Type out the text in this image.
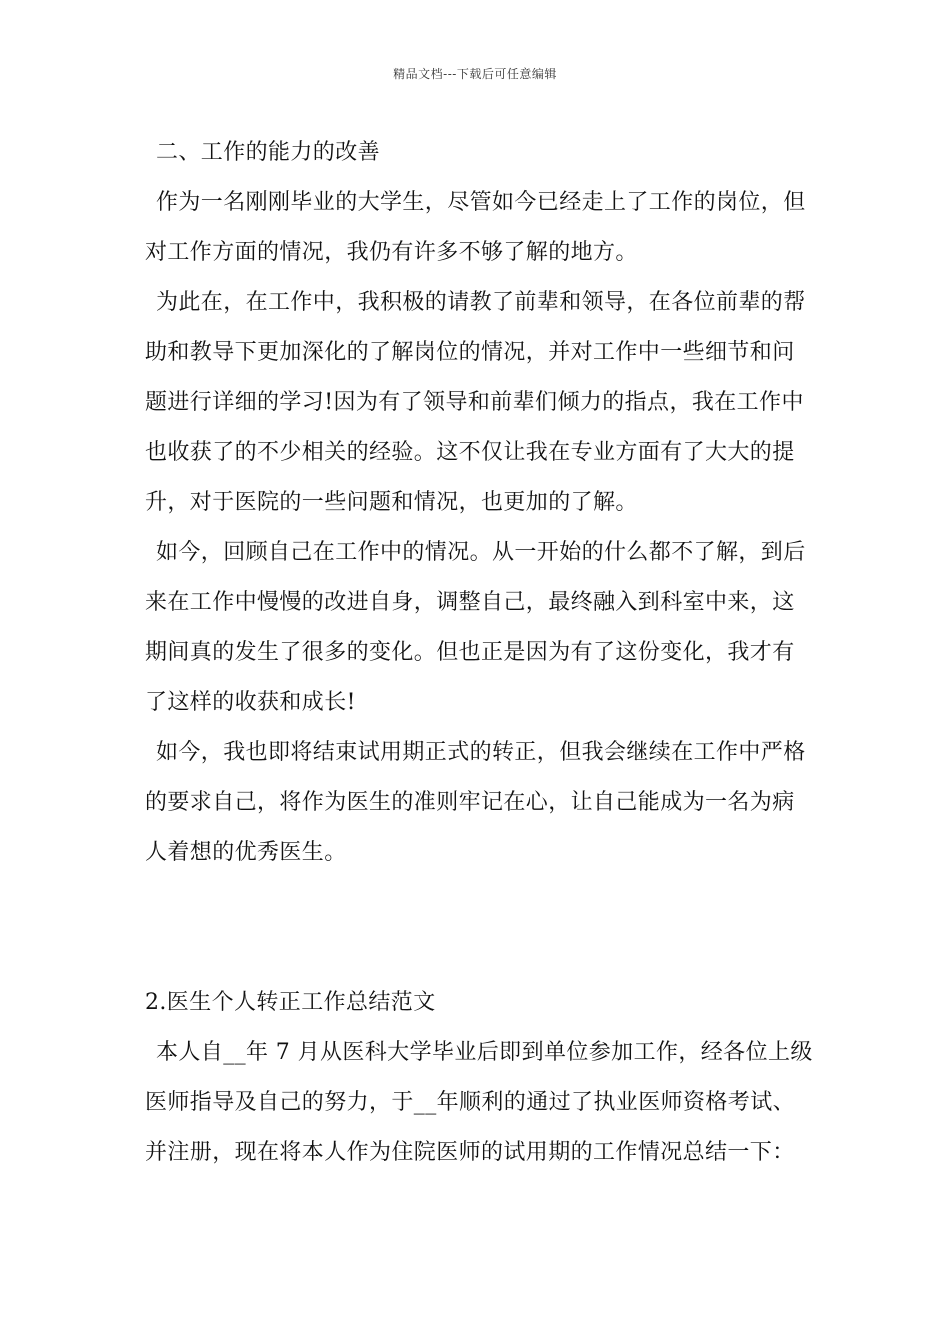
精品文档---下载后可任意编辑
二、工作的能力的改善
作为一名刚刚毕业的大学生，尽管如今已经走上了工作的岗位，但
对工作方面的情况，我仍有许多不够了解的地方。
为此在，在工作中，我积极的请教了前辈和领导，在各位前辈的帮
助和教导下更加深化的了解岗位的情况，并对工作中一些细节和问
题进行详细的学习!因为有了领导和前辈们倾力的指点，我在工作中
也收获了的不少相关的经验。这不仅让我在专业方面有了大大的提
升，对于医院的一些问题和情况，也更加的了解。
如今，回顾自己在工作中的情况。从一开始的什么都不了解，到后
来在工作中慢慢的改进自身，调整自己，最终融入到科室中来，这
期间真的发生了很多的变化。但也正是因为有了这份变化，我才有
了这样的收获和成长!
如今，我也即将结束试用期正式的转正，但我会继续在工作中严格
的要求自己，将作为医生的准则牢记在心，让自己能成为一名为病
人着想的优秀医生。
2.医生个人转正工作总结范文
本人自__年 7 月从医科大学毕业后即到单位参加工作，经各位上级
医师指导及自己的努力，于__年顺利的通过了执业医师资格考试、
并注册，现在将本人作为住院医师的试用期的工作情况总结一下：
